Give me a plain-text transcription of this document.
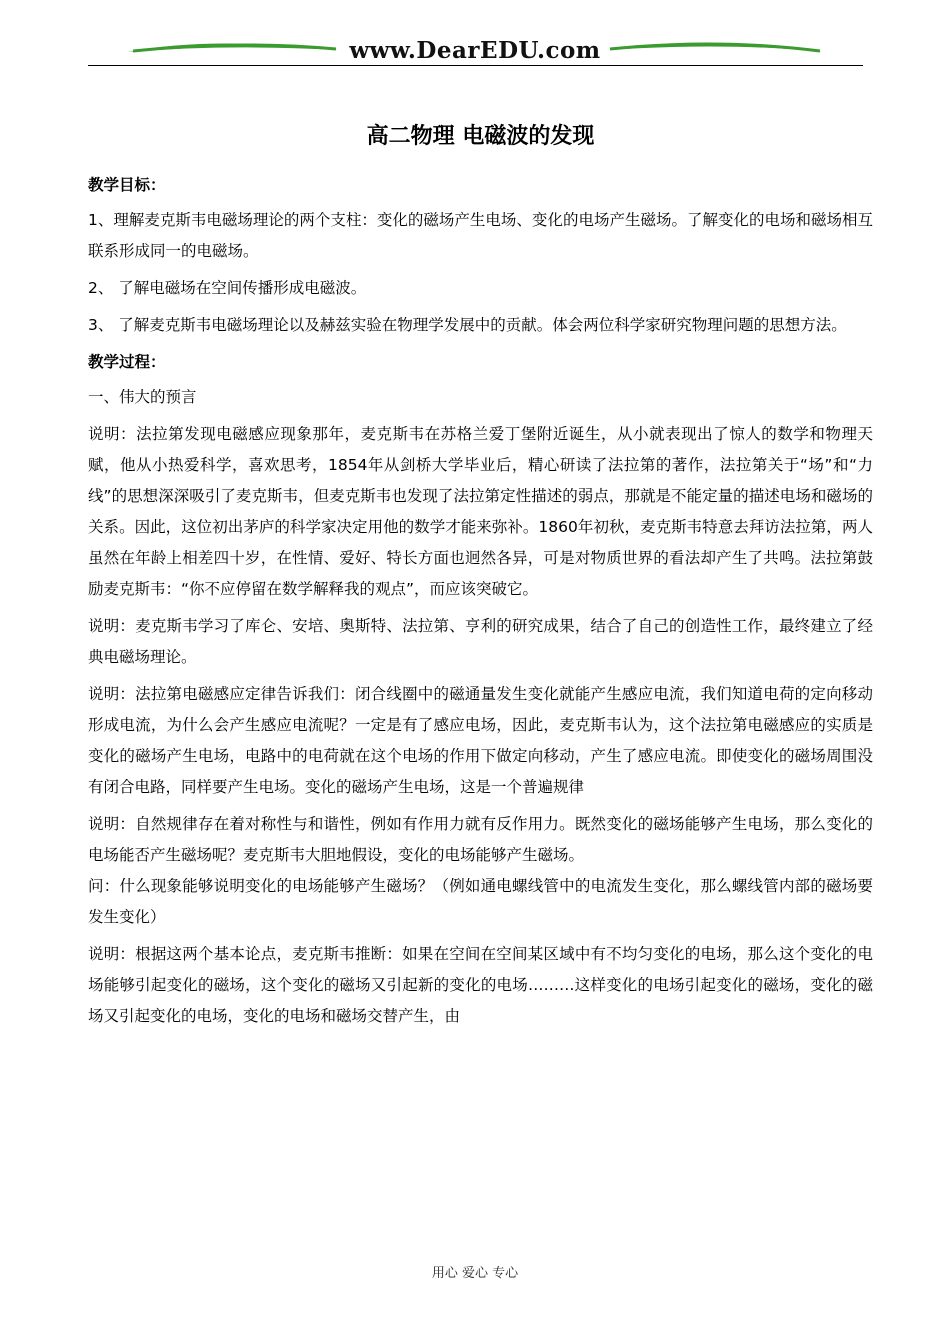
www.DearEDU.com
高二物理 电磁波的发现

教学目标：

1、理解麦克斯韦电磁场理论的两个支柱：变化的磁场产生电场、变化的电场产生磁场。了解变化的电场和磁场相互联系形成同一的电磁场。

2、 了解电磁场在空间传播形成电磁波。

3、 了解麦克斯韦电磁场理论以及赫兹实验在物理学发展中的贡献。体会两位科学家研究物理问题的思想方法。

教学过程：

一、伟大的预言

说明：法拉第发现电磁感应现象那年，麦克斯韦在苏格兰爱丁堡附近诞生，从小就表现出了惊人的数学和物理天赋，他从小热爱科学，喜欢思考，1854年从剑桥大学毕业后，精心研读了法拉第的著作，法拉第关于“场”和“力线”的思想深深吸引了麦克斯韦，但麦克斯韦也发现了法拉第定性描述的弱点，那就是不能定量的描述电场和磁场的关系。因此，这位初出茅庐的科学家决定用他的数学才能来弥补。1860年初秋，麦克斯韦特意去拜访法拉第，两人虽然在年龄上相差四十岁，在性情、爱好、特长方面也迥然各异，可是对物质世界的看法却产生了共鸣。法拉第鼓励麦克斯韦：“你不应停留在数学解释我的观点”，而应该突破它。

说明：麦克斯韦学习了库仑、安培、奥斯特、法拉第、亨利的研究成果，结合了自己的创造性工作，最终建立了经典电磁场理论。

说明：法拉第电磁感应定律告诉我们：闭合线圈中的磁通量发生变化就能产生感应电流，我们知道电荷的定向移动形成电流，为什么会产生感应电流呢？一定是有了感应电场，因此，麦克斯韦认为，这个法拉第电磁感应的实质是变化的磁场产生电场，电路中的电荷就在这个电场的作用下做定向移动，产生了感应电流。即使变化的磁场周围没有闭合电路，同样要产生电场。变化的磁场产生电场，这是一个普遍规律

说明：自然规律存在着对称性与和谐性，例如有作用力就有反作用力。既然变化的磁场能够产生电场，那么变化的电场能否产生磁场呢？麦克斯韦大胆地假设，变化的电场能够产生磁场。

问：什么现象能够说明变化的电场能够产生磁场？（例如通电螺线管中的电流发生变化，那么螺线管内部的磁场要发生变化）

说明：根据这两个基本论点，麦克斯韦推断：如果在空间在空间某区域中有不均匀变化的电场，那么这个变化的电场能够引起变化的磁场，这个变化的磁场又引起新的变化的电场………这样变化的电场引起变化的磁场，变化的磁场又引起变化的电场，变化的电场和磁场交替产生，由

用心 爱心 专心
